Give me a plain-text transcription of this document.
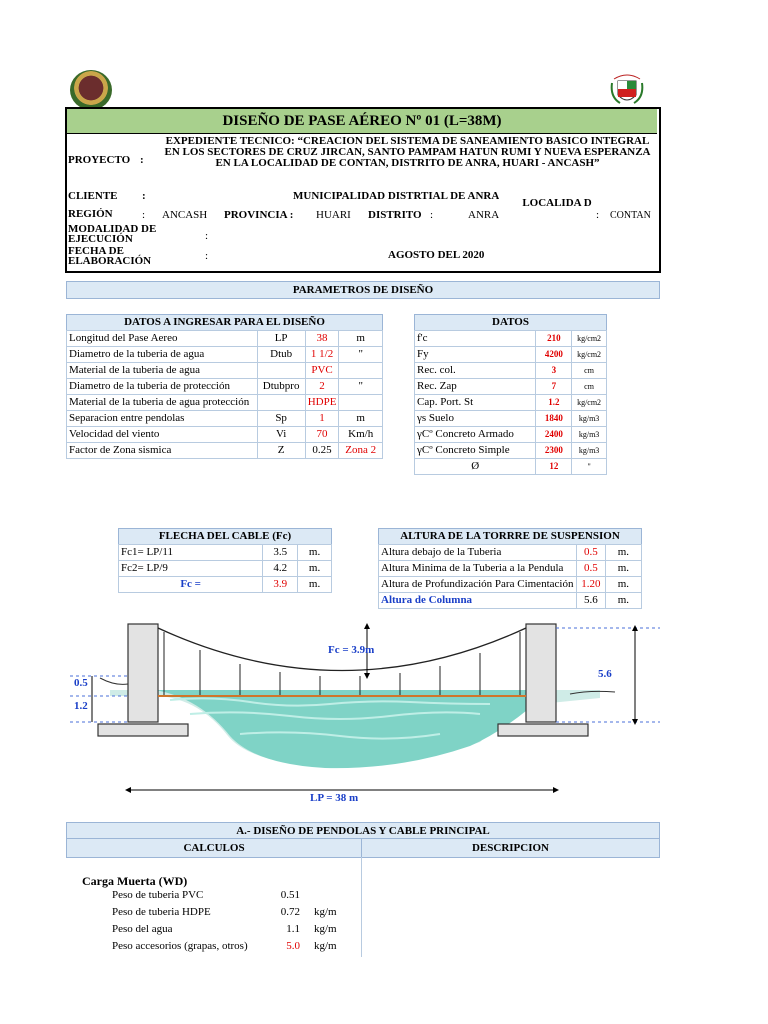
DISEÑO DE PASE AÉREO Nº 01 (L=38M)
PROYECTO :
EXPEDIENTE TECNICO: “CREACION DEL SISTEMA DE SANEAMIENTO BASICO INTEGRAL EN LOS SECTORES DE CRUZ JIRCAN, SANTO PAMPAM HATUN RUMI Y NUEVA ESPERANZA EN LA LOCALIDAD DE CONTAN, DISTRITO DE ANRA, HUARI - ANCASH”
CLIENTE :	MUNICIPALIDAD DISTRTIAL DE ANRA
REGIÓN	: ANCASH PROVINCIA : HUARI DISTRITO :	ANRA
LOCALIDA D
: CONTAN
MODALIDAD DE EJECUCIÓN	:
FECHA DE ELABORACIÓN	:	AGOSTO DEL 2020
PARAMETROS DE DISEÑO
DATOS A INGRESAR PARA EL DISEÑO
Longitud del Pase Aereo	LP	38	m
Diametro de la tuberia de agua	Dtub	1 1/2	"
Material de la tuberia de agua		PVC	
Diametro de la tuberia de protección	Dtubpro	2	"
Material de la tuberia de agua protección		HDPE	
Separacion entre pendolas	Sp	1	m
Velocidad del viento	Vi	70	Km/h
Factor de Zona sismica	Z	0.25	Zona 2
DATOS
f'c	210	kg/cm2
Fy	4200	kg/cm2
Rec. col.	3	cm
Rec. Zap	7	cm
Cap. Port. St	1.2	kg/cm2
γs Suelo	1840	kg/m3
γCº Concreto Armado	2400	kg/m3
γCº Concreto Simple	2300	kg/m3
Ø	12	"
FLECHA DEL CABLE (Fc)
Fc1= LP/11	3.5	m.
Fc2= LP/9	4.2	m.
Fc =	3.9	m.
ALTURA DE LA TORRRE DE SUSPENSION
Altura debajo de la Tuberia	0.5	m.
Altura Minima de la Tuberia a la Pendula	0.5	m.
Altura de Profundización Para Cimentación	1.20	m.
Altura de Columna	5.6	m.
Fc = 3.9m
5.6
0.5
1.2
LP = 38 m
A.- DISEÑO DE PENDOLAS Y CABLE PRINCIPAL
CALCULOS	DESCRIPCION
Carga Muerta (WD)
Peso de tuberia PVC	0.51
Peso de tuberia HDPE	0.72 kg/m
Peso del agua	1.1 kg/m
Peso accesorios (grapas, otros)	5.0 kg/m
